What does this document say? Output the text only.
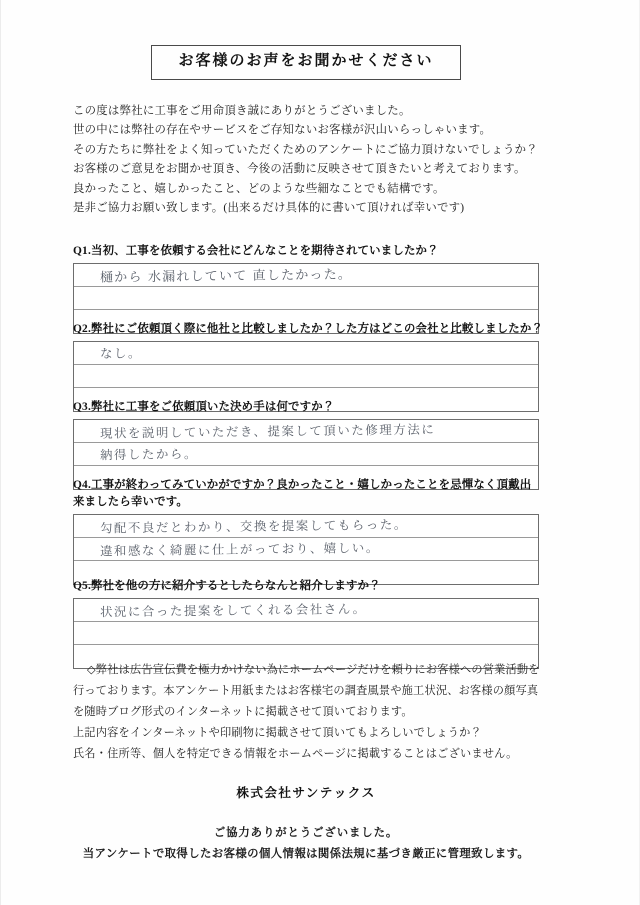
お客様のお声をお聞かせください
この度は弊社に工事をご用命頂き誠にありがとうございました。
世の中には弊社の存在やサービスをご存知ないお客様が沢山いらっしゃいます。
その方たちに弊社をよく知っていただくためのアンケートにご協力頂けないでしょうか？
お客様のご意見をお聞かせ頂き、今後の活動に反映させて頂きたいと考えております。
良かったこと、嬉しかったこと、どのような些細なことでも結構です。
是非ご協力お願い致します。(出来るだけ具体的に書いて頂ければ幸いです)
Q1.当初、工事を依頼する会社にどんなことを期待されていましたか？
樋から 水漏れしていて 直したかった。
Q2.弊社にご依頼頂く際に他社と比較しましたか？した方はどこの会社と比較しましたか？
なし。
Q3.弊社に工事をご依頼頂いた決め手は何ですか？
現状を説明していただき、提案して頂いた修理方法に
納得したから。
Q4.工事が終わってみていかがですか？良かったこと・嬉しかったことを忌憚なく頂戴出
来ましたら幸いです。
勾配不良だとわかり、交換を提案してもらった。
違和感なく綺麗に仕上がっており、嬉しい。
Q5.弊社を他の方に紹介するとしたらなんと紹介しますか？
状況に合った提案をしてくれる会社さん。
◇弊社は広告宣伝費を極力かけない為にホームページだけを頼りにお客様への営業活動を
行っております。本アンケート用紙またはお客様宅の調査風景や施工状況、お客様の顔写真
を随時ブログ形式のインターネットに掲載させて頂いております。
上記内容をインターネットや印刷物に掲載させて頂いてもよろしいでしょうか？
氏名・住所等、個人を特定できる情報をホームページに掲載することはございません。
株式会社サンテックス
ご協力ありがとうございました。
当アンケートで取得したお客様の個人情報は関係法規に基づき厳正に管理致します。
